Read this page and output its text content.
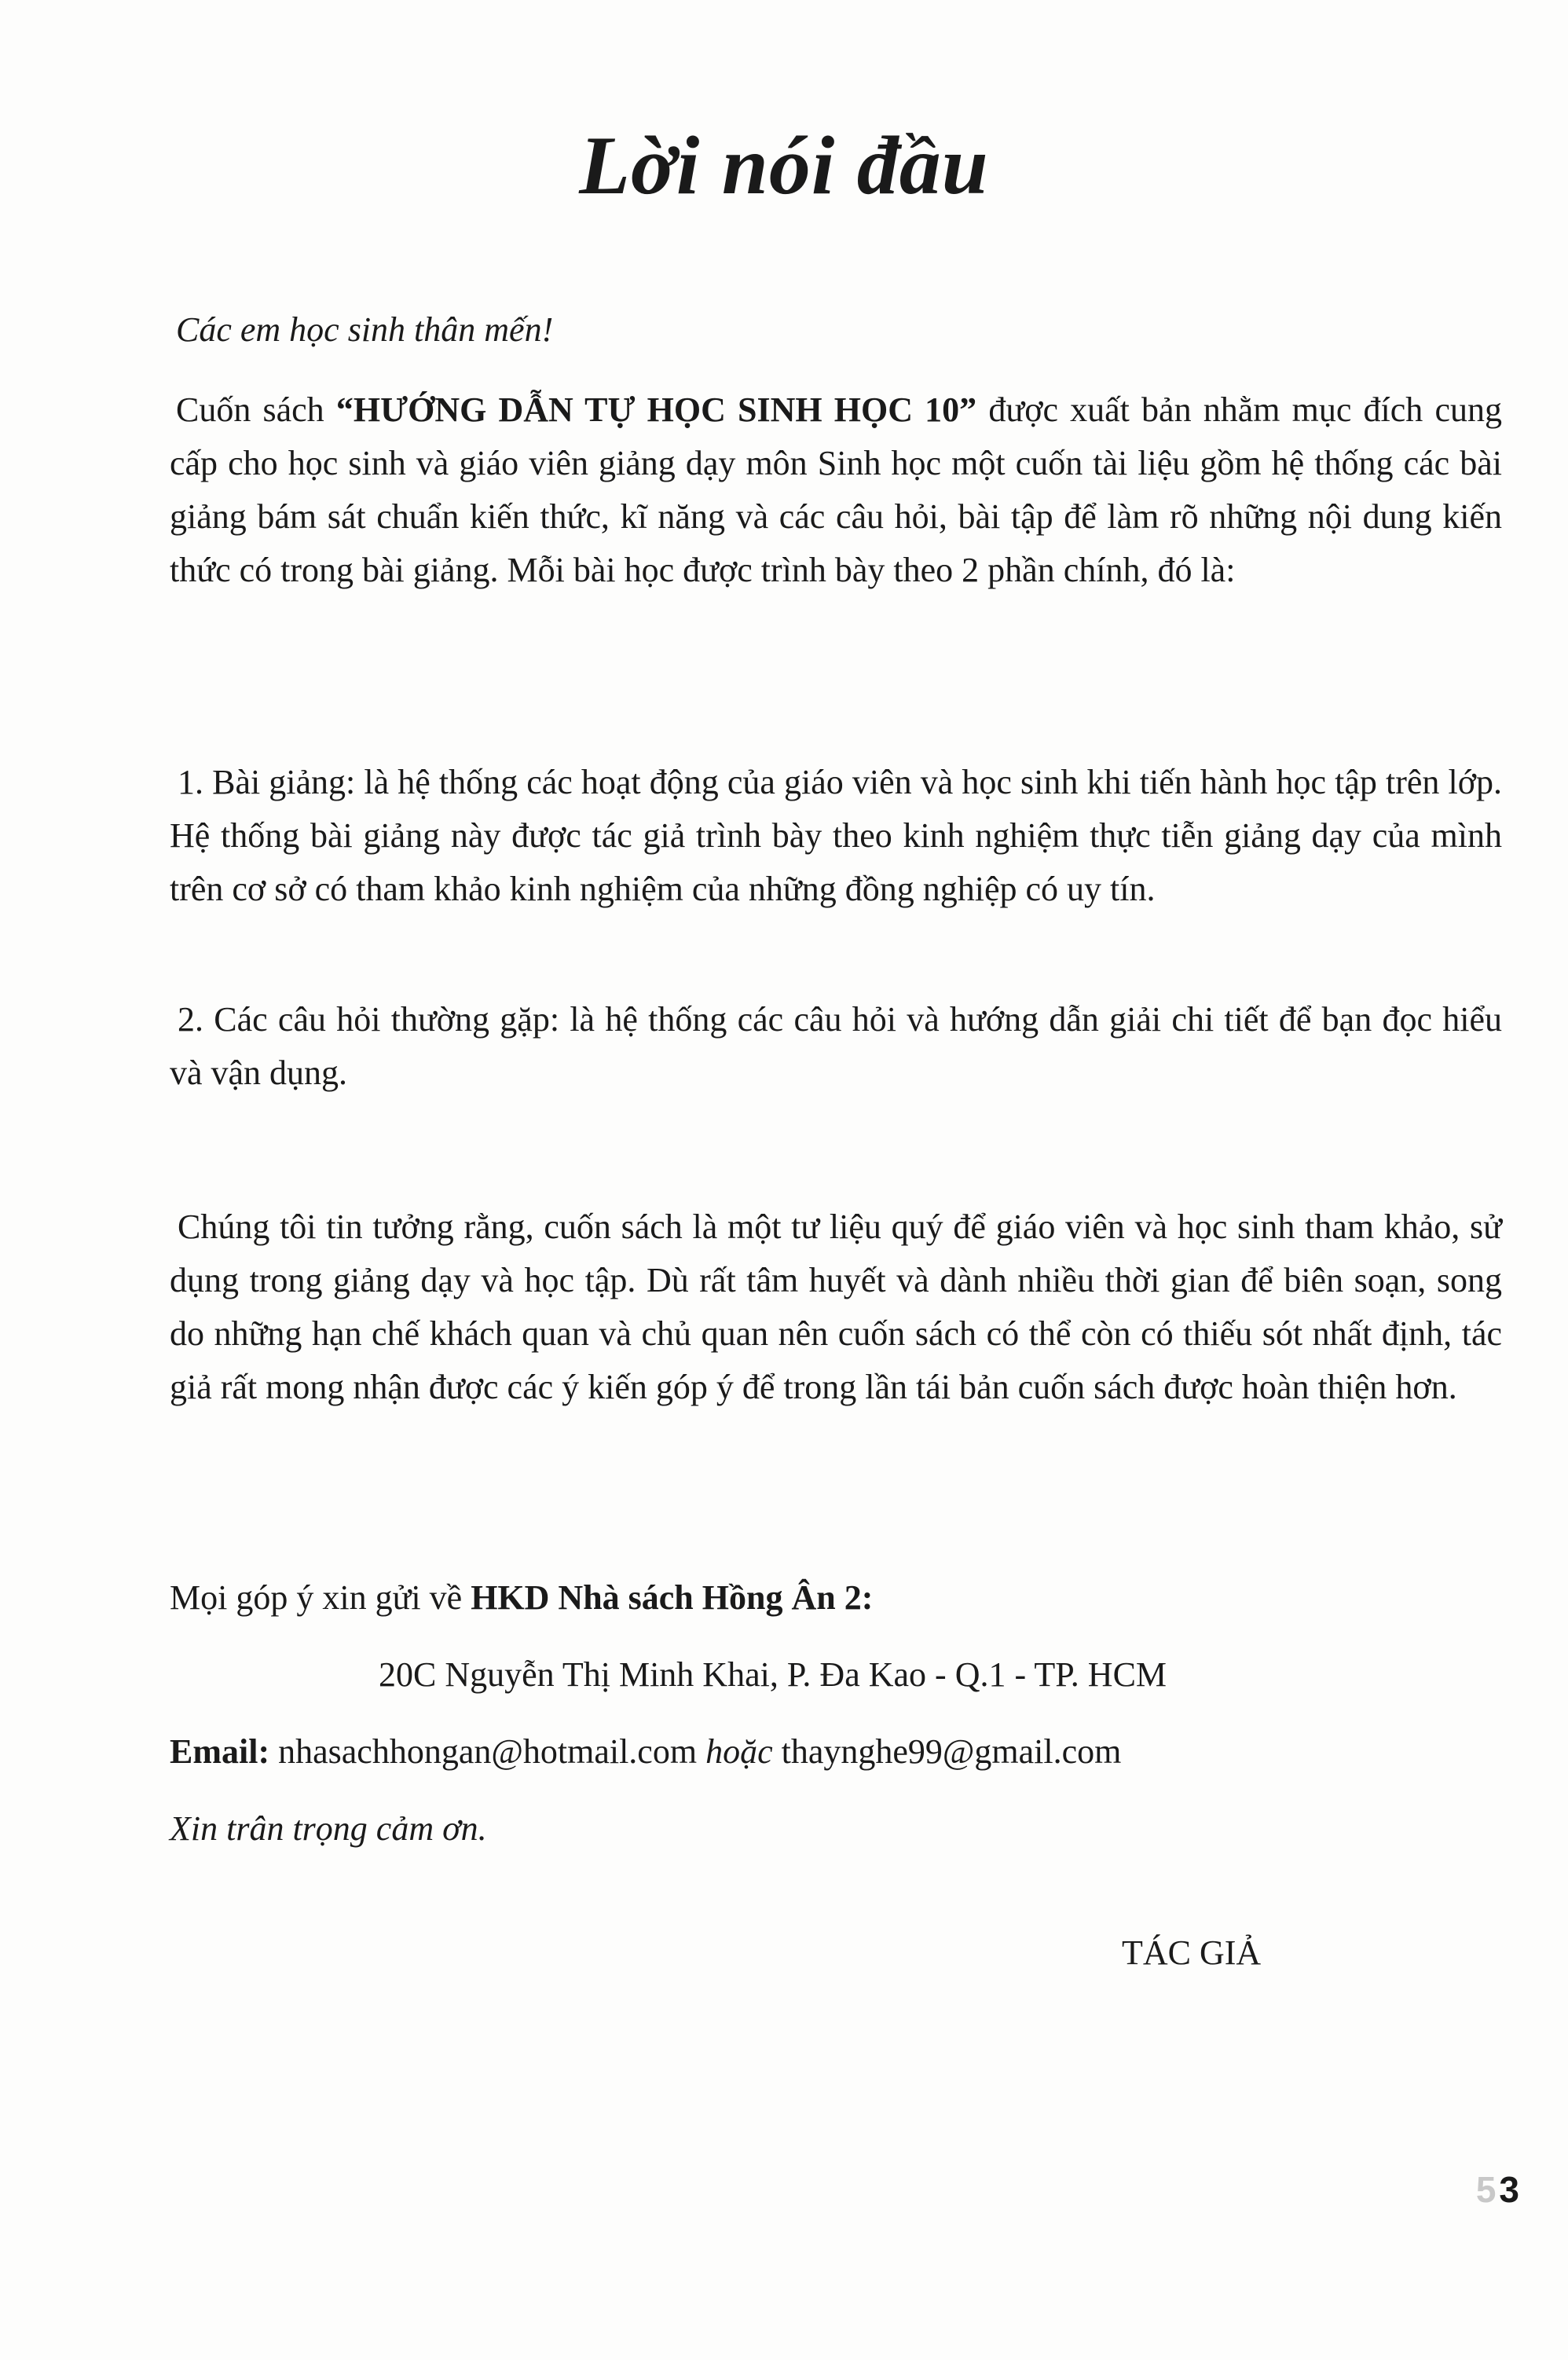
Lời nói đầu
Các em học sinh thân mến!
Cuốn sách “HƯỚNG DẪN TỰ HỌC SINH HỌC 10” được xuất bản nhằm mục đích cung cấp cho học sinh và giáo viên giảng dạy môn Sinh học một cuốn tài liệu gồm hệ thống các bài giảng bám sát chuẩn kiến thức, kĩ năng và các câu hỏi, bài tập để làm rõ những nội dung kiến thức có trong bài giảng. Mỗi bài học được trình bày theo 2 phần chính, đó là:
1. Bài giảng: là hệ thống các hoạt động của giáo viên và học sinh khi tiến hành học tập trên lớp. Hệ thống bài giảng này được tác giả trình bày theo kinh nghiệm thực tiễn giảng dạy của mình trên cơ sở có tham khảo kinh nghiệm của những đồng nghiệp có uy tín.
2. Các câu hỏi thường gặp: là hệ thống các câu hỏi và hướng dẫn giải chi tiết để bạn đọc hiểu và vận dụng.
Chúng tôi tin tưởng rằng, cuốn sách là một tư liệu quý để giáo viên và học sinh tham khảo, sử dụng trong giảng dạy và học tập. Dù rất tâm huyết và dành nhiều thời gian để biên soạn, song do những hạn chế khách quan và chủ quan nên cuốn sách có thể còn có thiếu sót nhất định, tác giả rất mong nhận được các ý kiến góp ý để trong lần tái bản cuốn sách được hoàn thiện hơn.
Mọi góp ý xin gửi về HKD Nhà sách Hồng Ân 2:
20C Nguyễn Thị Minh Khai, P. Đa Kao - Q.1 - TP. HCM
Email: nhasachhongan@hotmail.com hoặc thaynghe99@gmail.com
Xin trân trọng cảm ơn.
TÁC GIẢ
53
